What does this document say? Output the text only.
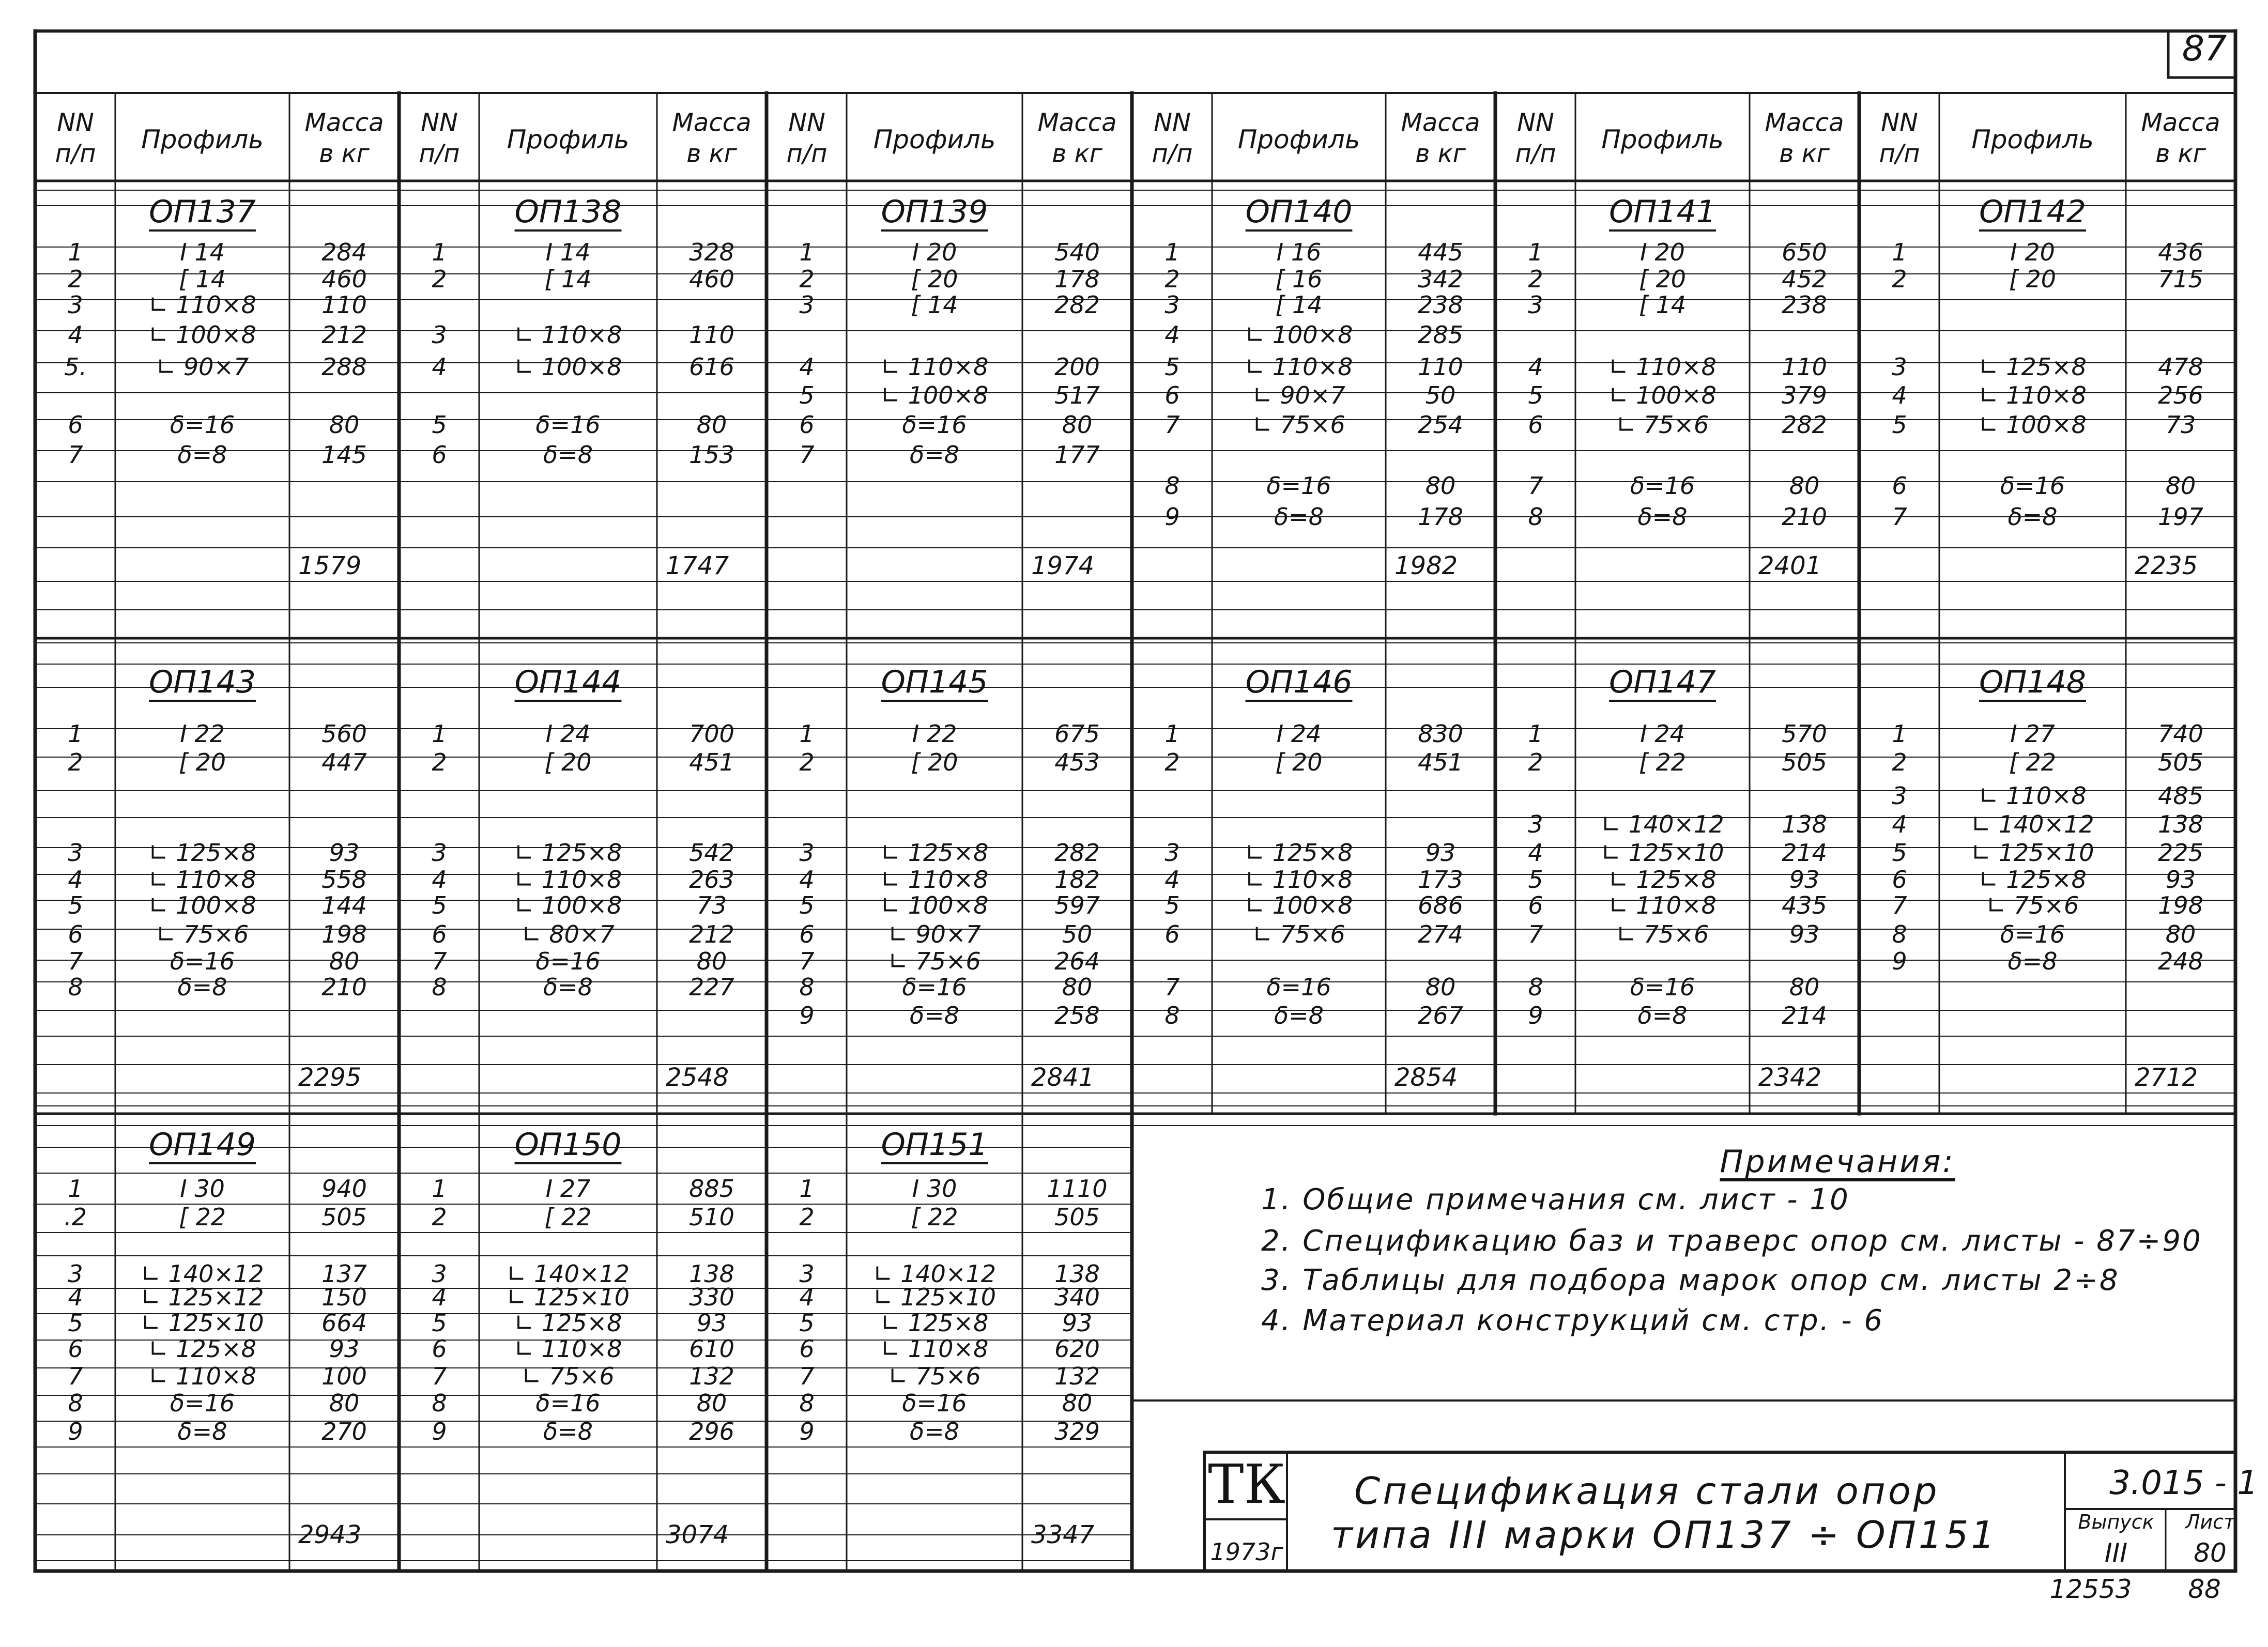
NN
п/п Профиль
Масса
в кг
NN
п/п Профиль
Масса
в кг
NN
п/п Профиль
Масса
в кг
NN
п/п Профиль
Масса
в кг
NN
п/п Профиль
Масса
в кг
NN
п/п Профиль
Масса
в кг
ОП137
1	I 14	284
2	[ 14	460
3	∟ 110×8	110
4	∟ 100×8	212
5.	∟ 90×7	288
6	δ=16	80
7	δ=8	145
1579
ОП138
1	I 14	328
2	[ 14	460
3	∟ 110×8	110
4	∟ 100×8	616
5	δ=16	80
6	δ=8	153
1747
ОП139
1	I 20	540
2	[ 20	178
3	[ 14	282
4	∟ 110×8	200
5	∟ 100×8	517
6	δ=16	80
7	δ=8	177
1974
ОП140
1	I 16	445
2	[ 16	342
3	[ 14	238
4	∟ 100×8	285
5	∟ 110×8	110
6	∟ 90×7	50
7	∟ 75×6	254
8	δ=16	80
9	δ=8	178
1982
ОП141
1	I 20	650
2	[ 20	452
3	[ 14	238
4	∟ 110×8	110
5	∟ 100×8	379
6	∟ 75×6	282
7	δ=16	80
8	δ=8	210
2401
ОП142
1	I 20	436
2	[ 20	715
3	∟ 125×8	478
4	∟ 110×8	256
5	∟ 100×8	73
6	δ=16	80
7	δ=8	197
2235
ОП143
1	I 22	560
2	[ 20	447
3	∟ 125×8	93
4	∟ 110×8	558
5	∟ 100×8	144
6	∟ 75×6	198
7	δ=16	80
8	δ=8	210
2295
ОП144
1	I 24	700
2	[ 20	451
3	∟ 125×8	542
4	∟ 110×8	263
5	∟ 100×8	73
6	∟ 80×7	212
7	δ=16	80
8	δ=8	227
2548
ОП145
1	I 22	675
2	[ 20	453
3	∟ 125×8	282
4	∟ 110×8	182
5	∟ 100×8	597
6	∟ 90×7	50
7	∟ 75×6	264
8	δ=16	80
9	δ=8	258
2841
ОП146
1	I 24	830
2	[ 20	451
3	∟ 125×8	93
4	∟ 110×8	173
5	∟ 100×8	686
6	∟ 75×6	274
7	δ=16	80
8	δ=8	267
2854
ОП147
1	I 24	570
2	[ 22	505
3 ∟ 140×12 138
4 ∟ 125×10 214
5	∟ 125×8	93
6	∟ 110×8	435
7	∟ 75×6	93
8	δ=16	80
9	δ=8	214
2342
ОП148
1	I 27	740
2	[ 22	505
3	∟ 110×8	485
4	∟ 140×12	138
5	∟ 125×10	225
6	∟ 125×8	93
7	∟ 75×6	198
8	δ=16	80
9	δ=8	248
2712
ОП149
1	I 30	940
.2	[ 22	505
3 ∟ 140×12 137
4 ∟ 125×12 150
5 ∟ 125×10 664
6	∟ 125×8	93
7	∟ 110×8	100
8	δ=16	80
9	δ=8	270
2943
ОП150
1	I 27	885
2	[ 22	510
3	∟ 140×12	138
4	∟ 125×10	330
5	∟ 125×8	93
6	∟ 110×8	610
7	∟ 75×6	132
8	δ=16	80
9	δ=8	296
3074
ОП151
1	I 30	1110
2	[ 22	505
3 ∟ 140×12 138
4 ∟ 125×10 340
5	∟ 125×8	93
6	∟ 110×8	620
7	∟ 75×6	132
8	δ=16	80
9	δ=8	329
3347
87
Примечания:
1. Общие примечания см. лист - 10
2. Спецификацию баз и траверс опор см. листы - 87÷90
3. Таблицы для подбора марок опор см. листы 2÷8
4. Материал конструкций см. стр. - 6
ТК
1973г
Спецификация стали опор
типа III марки ОП137 ÷ ОП151
3.015 - 1
Выпуск
III
Лист
80
12553 88
